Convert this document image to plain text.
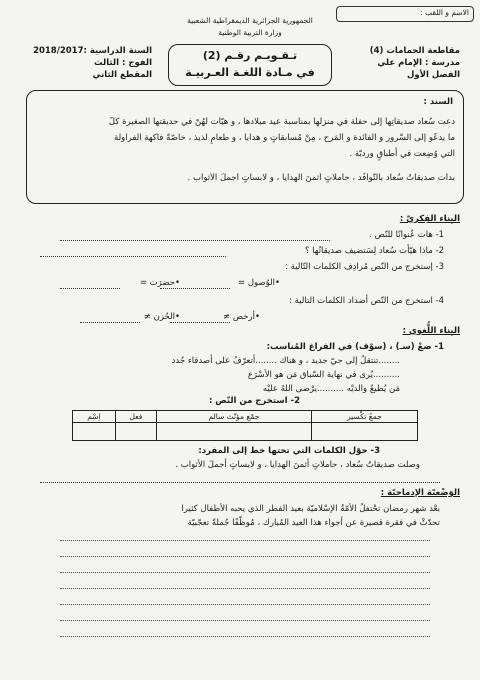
الاسم و اللقب :
الجمهورية الجزائرية الديمقراطية الشعبية
وزارة التربية الوطنية
مقاطعة الحمامات (4)
مدرسة : الإمام علي
الفصل الأول
السنة الدراسية :2018/2017
الفوج : الثالث
المقطع الثاني
تـقـويـم رقـم (2)
في مـادة اللغـة العـربيـة
السند :
دعت سُعاد صديقاتِها إلى حفلة في منزلها بمناسبة عيد ميلادها ، و هيّأت لهُنّ في حديقتها الصغيرة كُلّ
ما يدعُو إلى السُّرور و الفائدة و المَرح ، مِنْ مُسابقاتٍ و هدايا ، و طعامٍ لذيذ ، خاصّةً فاكهة الفراولة
التي وُضِعت في أطباقٍ ورديّة .
بدأت صديقاتُ سُعاد بالتّوافُد ، حاملاتٍ أثمنَ الهدايا ، و لابساتٍ أجملَ الأثواب .
البِناء الفِكريّ :
1- هات عُنوانًا للنّص .
2- ماذا هيّأت سُعاد لِسَتضيف صديقاتُها ؟
3- إستخرج من النّص مُرادِف الكلمات التّالية :
•الوُصول =
•حضرَت =
4- استخرج من النّص أضداد الكلمات التالية :
•أرخص ≠
•الحُزن ≠
البِناء اللُّغوي :
1- ضعْ (سـ) ، (سوْف) في الفراغ المُناسب:
........تنتقلُ إلى حيّ جديد ، و هناك ........أتعرّفُ على أصدقاء جُدد
..........يُرى في نهاية السّباق مَن هو الأسْرَع
مَن يُطيعُ والديْه ..........يرْضى اللهُ عليْه
2- استخرج من النّص :
اِسْم	فعل	جمْع مؤنّث سالم	جمعُ تكْسير

3- حوّل الكلمات التي تحتها خط إلى المفرد:
وصلت صديقاتُ سُعاد ، حاملاتٍ أثمنَ الهدايا ، و لابساتٍ أجملَ الأثواب .
الوَضْعيّة الإدماجيّة :
بعْد شهر رمضان تحْتفلُ الأمّةُ الإسْلاميّة بعيد الفطر الذي يحبه الأطفال كثيرا
تحدّثْ في فقرة قصيرة عن أجواء هذا العيد المُبارك ، مُوظّفًا جُملةً تعجّبيّة
